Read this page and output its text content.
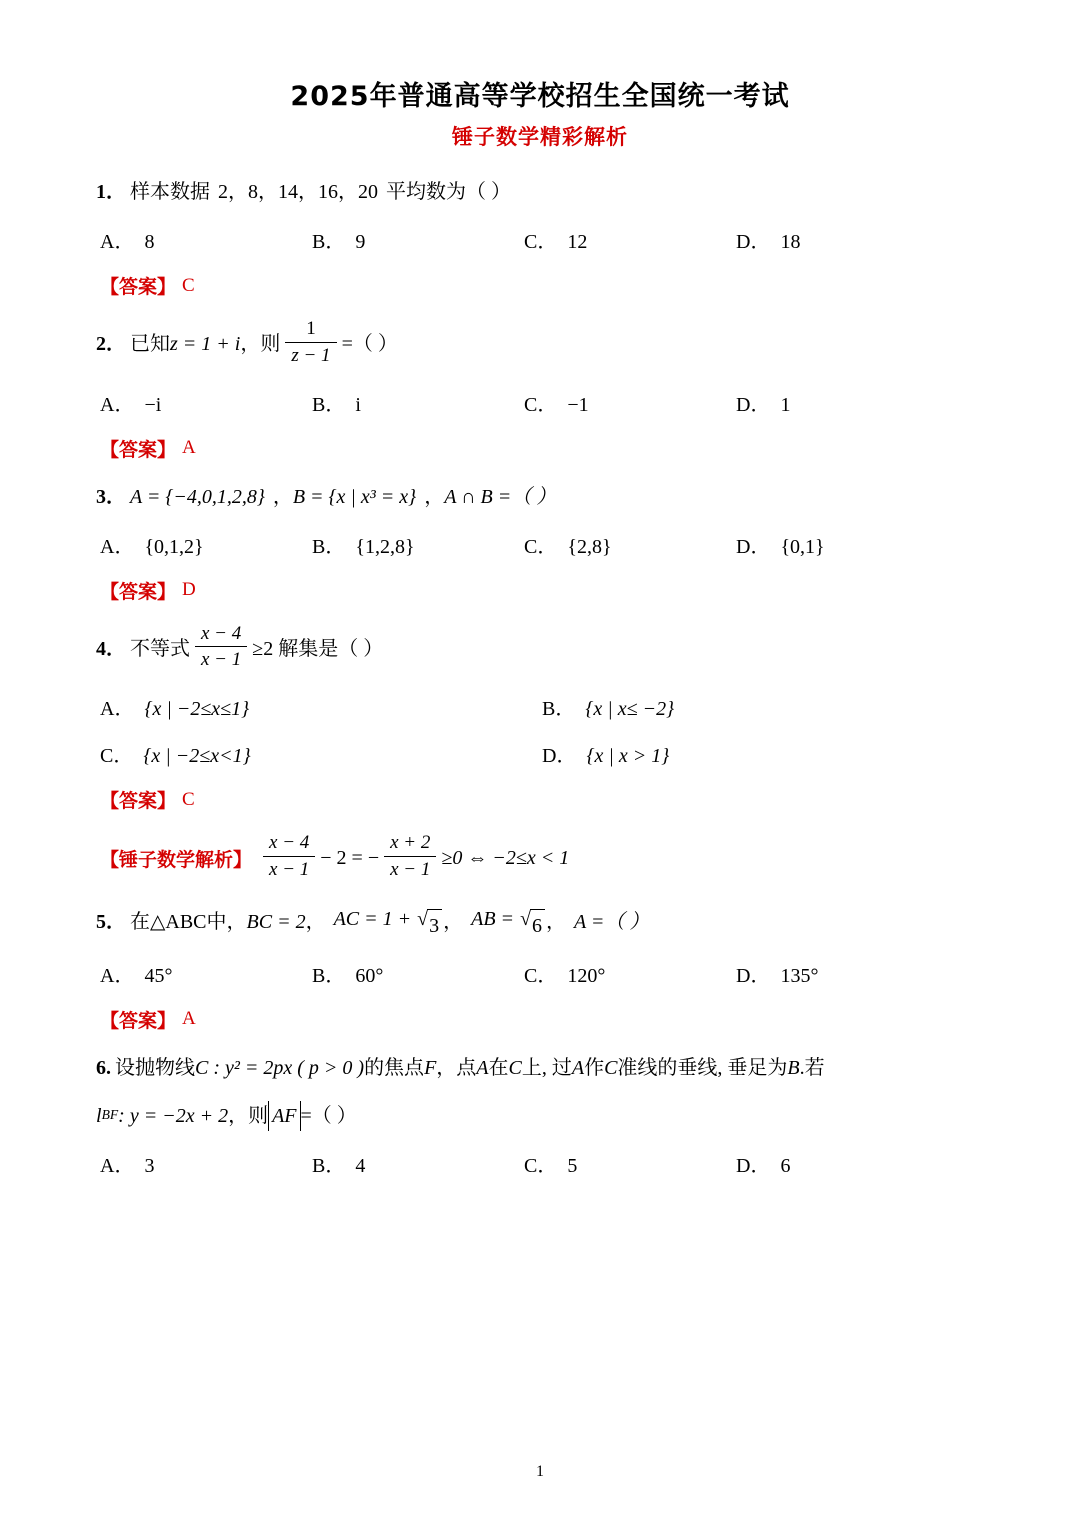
2025年普通高等学校招生全国统一考试
锤子数学精彩解析
1． 样本数据 2，8，14，16，20 平均数为（ ）
A． 8	B． 9	C． 12	D． 18
【答案】 C
2． 已知 z = 1 + i ，则 $\frac{1}{z - 1}$ =（ ）
A． −i	B． i	C． −1	D． 1
【答案】 A
3． A = {−4,0,1,2,8} ， B = {x | x³ = x} ， A ∩ B =（ ）
A． {0,1,2}	B． {1,2,8}	C． {2,8}	D． {0,1}
【答案】 D
4． 不等式 $\frac{x - 4}{x - 1} \ge 2$ 解集是（ ）
A． {x | −2≤x≤1}	B． {x | x≤ −2}
C． {x | −2≤x<1}	D． {x | x > 1}
【答案】 C
【锤子数学解析】 $\frac{x - 4}{x - 1} - 2$ = − $\frac{x + 2}{x - 1} \ge 0$ ⇔ −2≤x < 1
5． 在△ABC中， BC = 2 ， AC = 1 + √ 3 ， AB = √ 6 ， A =（ ）
A． 45°	B． 60°	C． 120°	D． 135°
【答案】 A
6. 设抛物线 C : y² = 2px ( p > 0 ) 的焦点 F ，点 A 在 C 上, 过 A 作 C 准线的垂线, 垂足为 B .若
l BF : y = −2x + 2 ，则 AF =（ ）
A． 3	B． 4	C． 5	D． 6
1
